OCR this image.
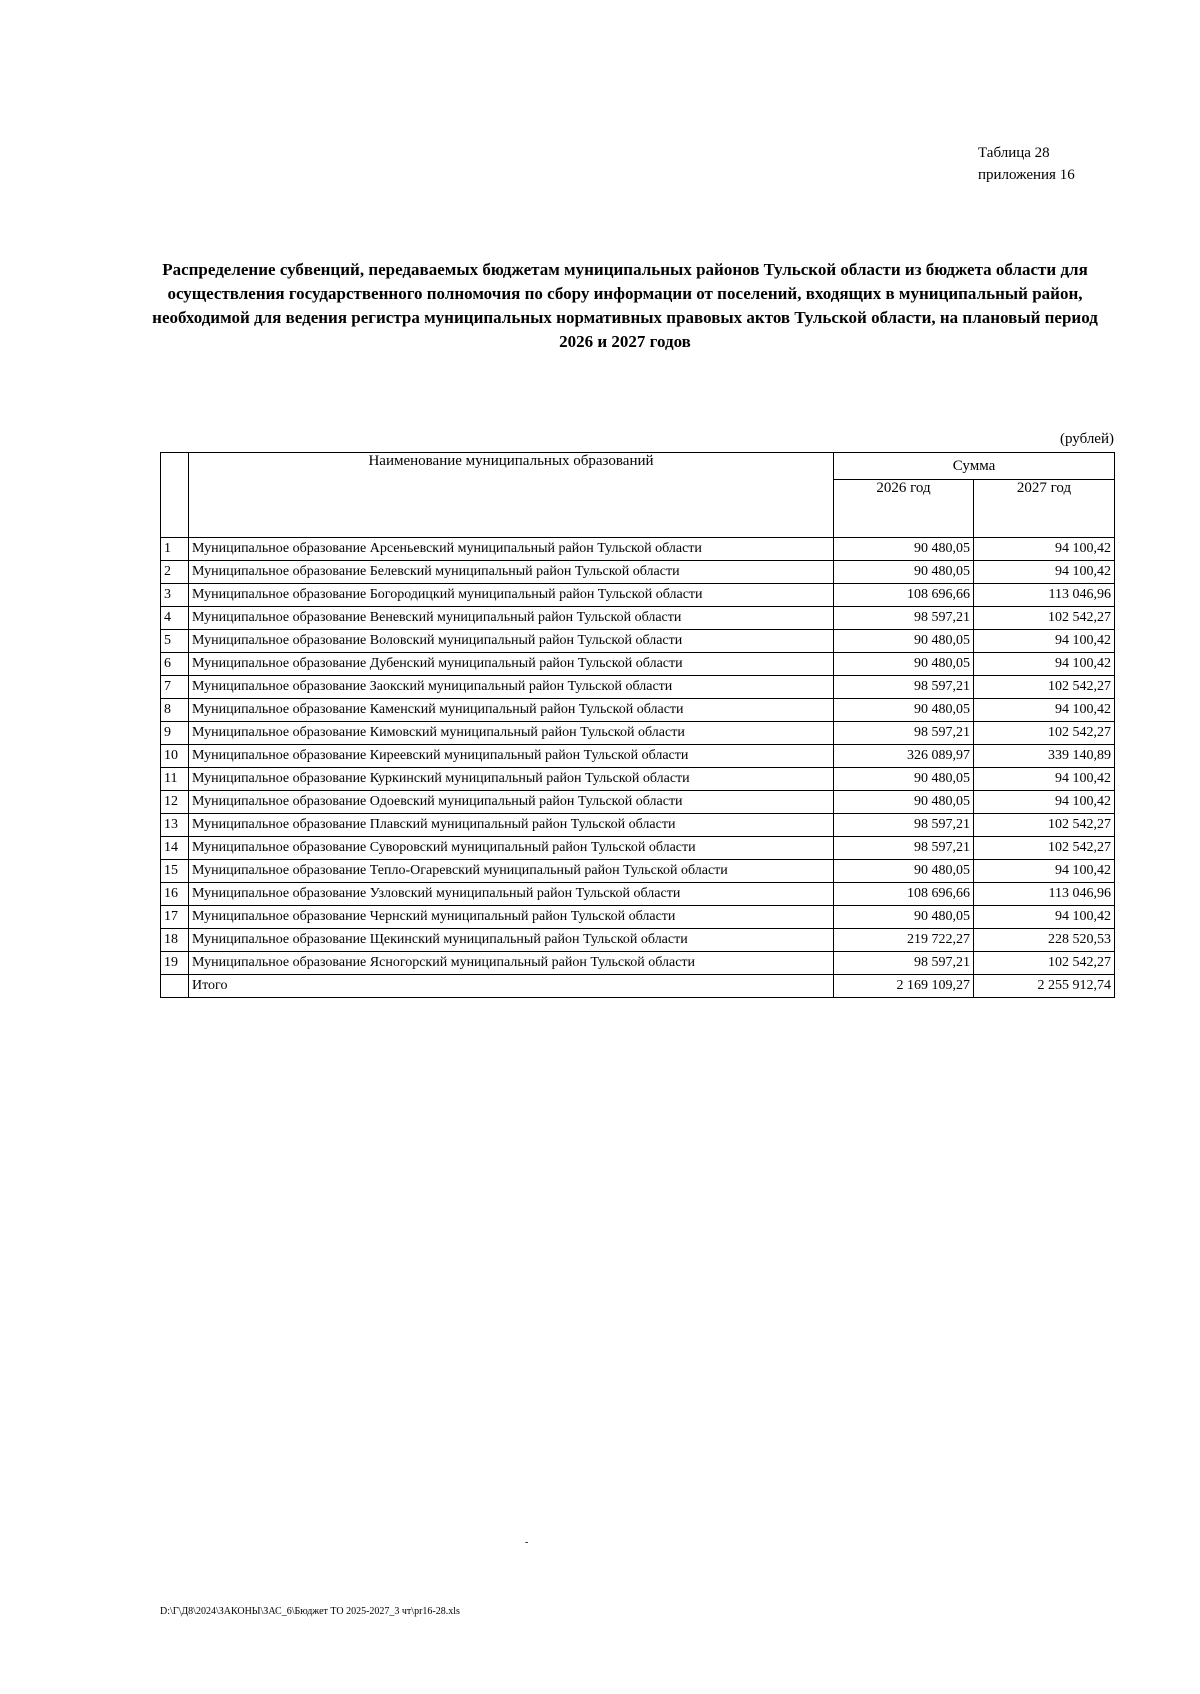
Таблица 28
приложения 16
Распределение субвенций, передаваемых бюджетам муниципальных районов Тульской области из бюджета области для осуществления государственного полномочия по сбору информации от поселений, входящих в муниципальный район, необходимой для ведения регистра муниципальных нормативных правовых актов Тульской области, на плановый период 2026 и 2027 годов
(рублей)
	Наименование муниципальных образований	Сумма	
		2026 год	2027 год
1	Муниципальное образование Арсеньевский муниципальный район Тульской области	90 480,05	94 100,42
2	Муниципальное образование Белевский муниципальный район Тульской области	90 480,05	94 100,42
3	Муниципальное образование Богородицкий муниципальный район Тульской области	108 696,66	113 046,96
4	Муниципальное образование Веневский муниципальный район Тульской области	98 597,21	102 542,27
5	Муниципальное образование Воловский муниципальный район Тульской области	90 480,05	94 100,42
6	Муниципальное образование Дубенский муниципальный район Тульской области	90 480,05	94 100,42
7	Муниципальное образование Заокский муниципальный район Тульской области	98 597,21	102 542,27
8	Муниципальное образование Каменский муниципальный район Тульской области	90 480,05	94 100,42
9	Муниципальное образование Кимовский муниципальный район Тульской области	98 597,21	102 542,27
10	Муниципальное образование Киреевский муниципальный район Тульской области	326 089,97	339 140,89
11	Муниципальное образование Куркинский муниципальный район Тульской области	90 480,05	94 100,42
12	Муниципальное образование Одоевский муниципальный район Тульской области	90 480,05	94 100,42
13	Муниципальное образование Плавский муниципальный район Тульской области	98 597,21	102 542,27
14	Муниципальное образование Суворовский муниципальный район Тульской области	98 597,21	102 542,27
15	Муниципальное образование Тепло-Огаревский муниципальный район Тульской области	90 480,05	94 100,42
16	Муниципальное образование Узловский муниципальный район Тульской области	108 696,66	113 046,96
17	Муниципальное образование Чернский муниципальный район Тульской области	90 480,05	94 100,42
18	Муниципальное образование Щекинский муниципальный район Тульской области	219 722,27	228 520,53
19	Муниципальное образование Ясногорский муниципальный район Тульской области	98 597,21	102 542,27
	Итого	2 169 109,27	2 255 912,74
-
D:\Г\Д8\2024\ЗАКОНЫ\ЗАС_6\Бюджет ТО 2025-2027_3 чт\pr16-28.xls
